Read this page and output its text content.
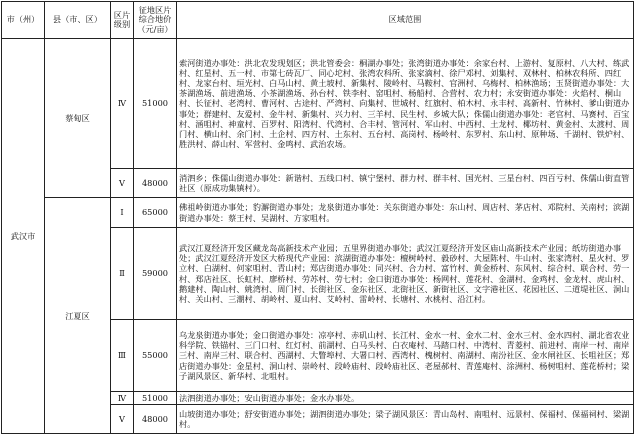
市（州）	县（市、区）	区片级别	征地区片综合地价（元/亩）	区域范围
武汉市	蔡甸区	Ⅳ	51000	索河街道办事处：洪北农发现划区；洪北管委会：桐湖办事处；张湾街道办事处：余家台村、上游村、复原村、八大村、练武村、红星村、五一村、市第七砖瓦厂、同心坨村、张湾农科所、张家滴村、徐尸邓村、刘集村、双林村、柏林农科所、四红村、龙家台村、垣光村、白马山村、黄土坡村、新集村、陵岭村、马鞍村、官洲村、乌梅村、柏林渔场；玉贤街道办事处：大茶湖渔场、前进渔场、小茶湖渔场、孙台村、铁李村、窑咀村、杨船村、合营村、农力村；永安街道办事处：火焰村、桐山村、长征村、老湾村、曹河村、古途村、严湾村、向集村、世城村、红旗村、柏木村、永丰村、高新村、竹林村、爹山街道办事处；群建村、友爱村、金牛村、新集村、兴力村、三羊村、民生村、乡城大队；侏儒山街道办事处：老官村、马赛村、百宝村、涵咀村、神童村、百罗村、阳湾村、代湾村、合丰村、管河村、军山村、中西村、土龙村、椰坊村、黄金村、太渡村、周门村、横山村、余门村、土企村、四方村、土东村、五台村、高岗村、杨岭村、东罗村、东山村、原种场、千湖村、铁炉村、胜洪村、薛山村、军营村、金鸣村、武治农场。
		Ⅴ	48000	消泗乡；侏儒山街道办事处：新谐村、五线口村、镇宁堡村、群力村、群丰村、国光村、三星台村、四百亏村、侏儒山街直管社区（原成功集镇村）。
	江夏区	Ⅰ	65000	佛祖岭街道办事处；豹澥街道办事处；龙泉街道办事处：关东街道办事处：东山村、周店村、茅店村、邓院村、关南村；滨湖街道办事处：蔡王村、吴湖村、方家咀村。
		Ⅱ	59000	武汉江夏经济开发区藏龙岛高新技术产业园；五里界街道办事处；武汉江夏经济开发区庙山高新技术产业园；纸坊街道办事处；武汉江夏经济开发区大桥现代产业园：滨湖街道办事处：檀树岭村、毅砂村、大屋陈村、牛山村、张家湾村、星火村、罗立村、白湖村、何家咀村、青山村；郑店街道办事处：同兴村、合力村、富竹村、黄金桥村、东风村、综合村、联合村、劳一村、郑店社区、长虹村、廖桥村、劳苏村、劳七村；金口街道办事处：杨网村、莲花村、金湖村、金鸡村、金龙村、虎山村、鹅建村、陶山村、姚湾村、周门村、长街社区、金东社区、北街社区、新街社区、文字港社区、花园社区、二道堤社区、洞山村、关山村、三潮村、胡岭村、夏山村、艾岭村、雷岭村、长塘村、水桃村、沿江村。
		Ⅲ	55000	乌龙泉街道办事处；金口街道办事处：凉亭村、赤矶山村、长江村、金水一村、金水二村、金水三村、金水四村、湖北省农业科学院、铁锚村、三门口村、红灯村、前湖村、白马头村、白衣庵村、马踏口村、中湾村、青菱村、前进村、南岸一村、南岸三村、南岸三村、联合村、西湖村、大瞥埠村、大署口村、西湾村、槐树村、南湖村、南汾社区、金水闸社区、长咀社区；郑店街道办事处：金星村、洞山村、崇岭村、段岭庙村、段岭庙社区、老屋郝村、青莲庵村、涂洲村、杨树咀村、莲花桥村；梁子湖风景区、新华村、北咀村。
		Ⅳ	51000	法泗街道办事处；安山街道办事处；金水办事处。
		Ⅴ	48000	山坡街道办事处；舒安街道办事处；湖泗街道办事处；梁子湖风景区：青山岛村、南咀村、远景村、保福村、保福祠村、梁湖村。
